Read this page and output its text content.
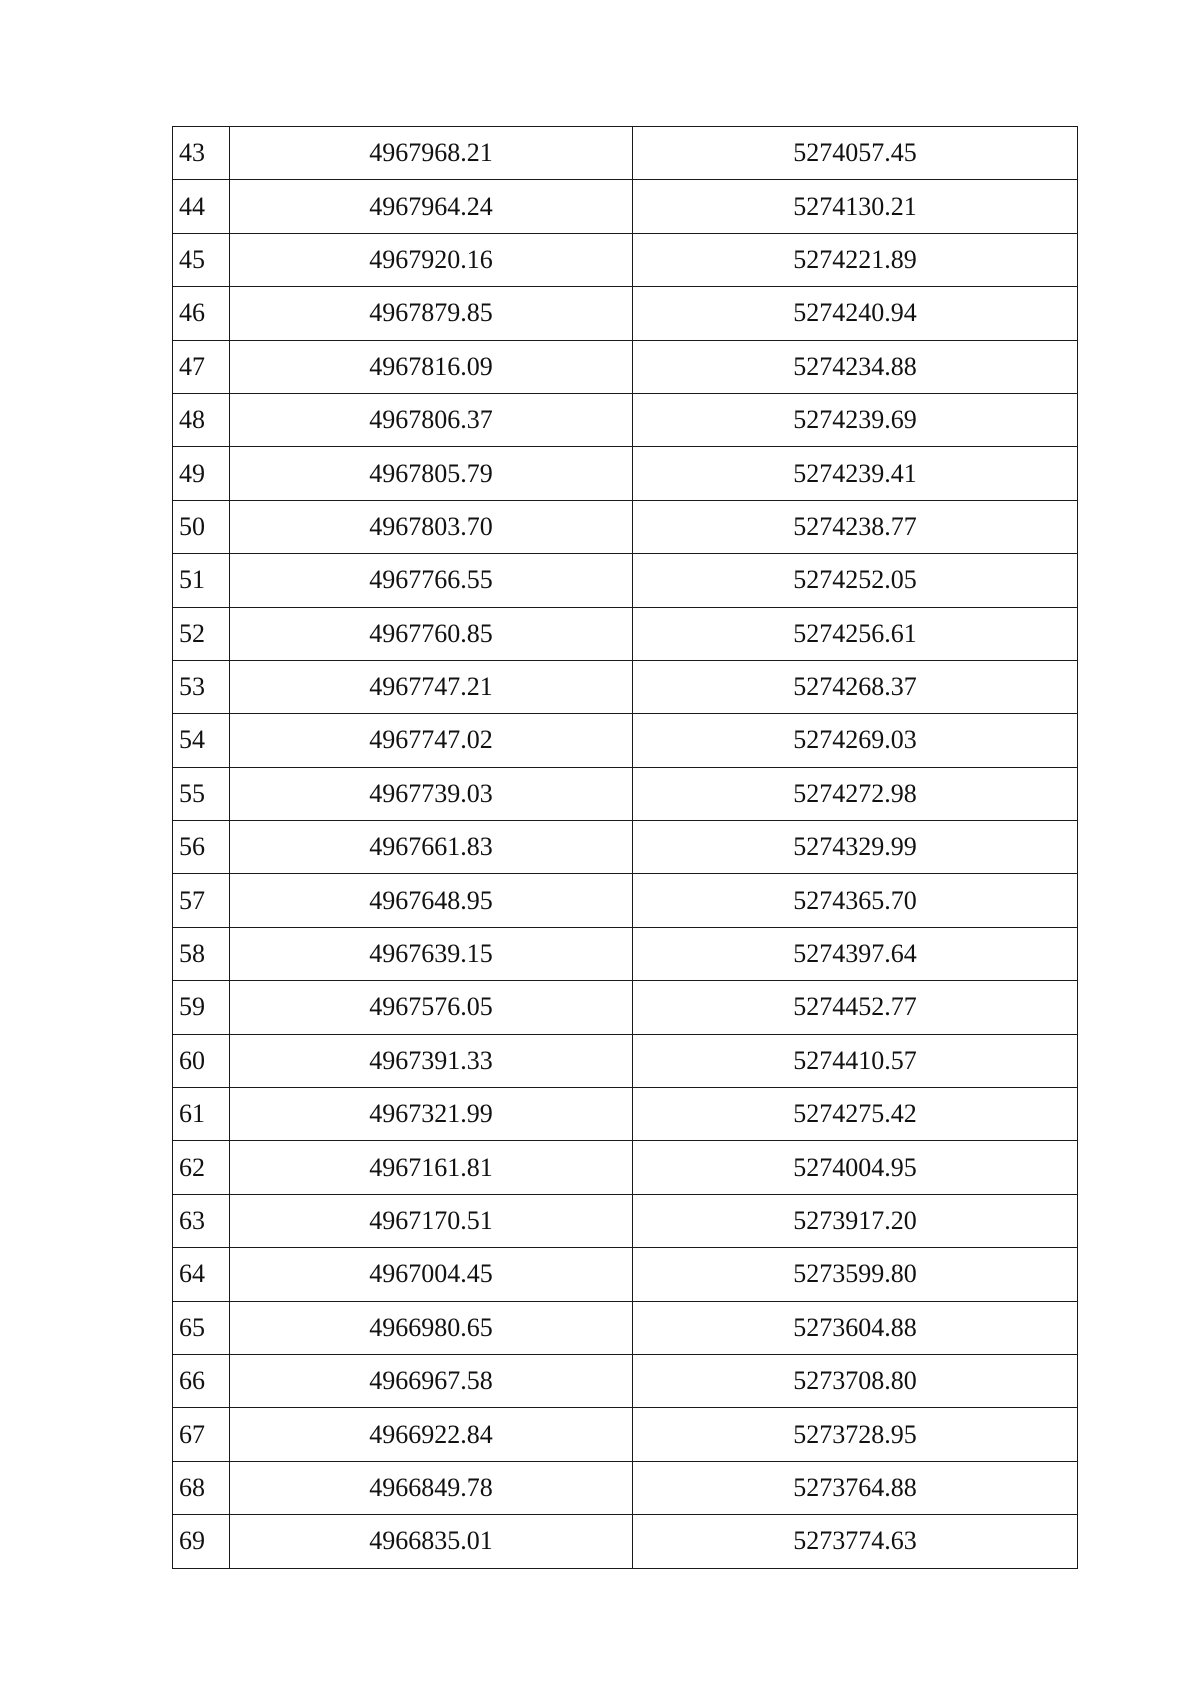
43	4967968.21	5274057.45
44	4967964.24	5274130.21
45	4967920.16	5274221.89
46	4967879.85	5274240.94
47	4967816.09	5274234.88
48	4967806.37	5274239.69
49	4967805.79	5274239.41
50	4967803.70	5274238.77
51	4967766.55	5274252.05
52	4967760.85	5274256.61
53	4967747.21	5274268.37
54	4967747.02	5274269.03
55	4967739.03	5274272.98
56	4967661.83	5274329.99
57	4967648.95	5274365.70
58	4967639.15	5274397.64
59	4967576.05	5274452.77
60	4967391.33	5274410.57
61	4967321.99	5274275.42
62	4967161.81	5274004.95
63	4967170.51	5273917.20
64	4967004.45	5273599.80
65	4966980.65	5273604.88
66	4966967.58	5273708.80
67	4966922.84	5273728.95
68	4966849.78	5273764.88
69	4966835.01	5273774.63
